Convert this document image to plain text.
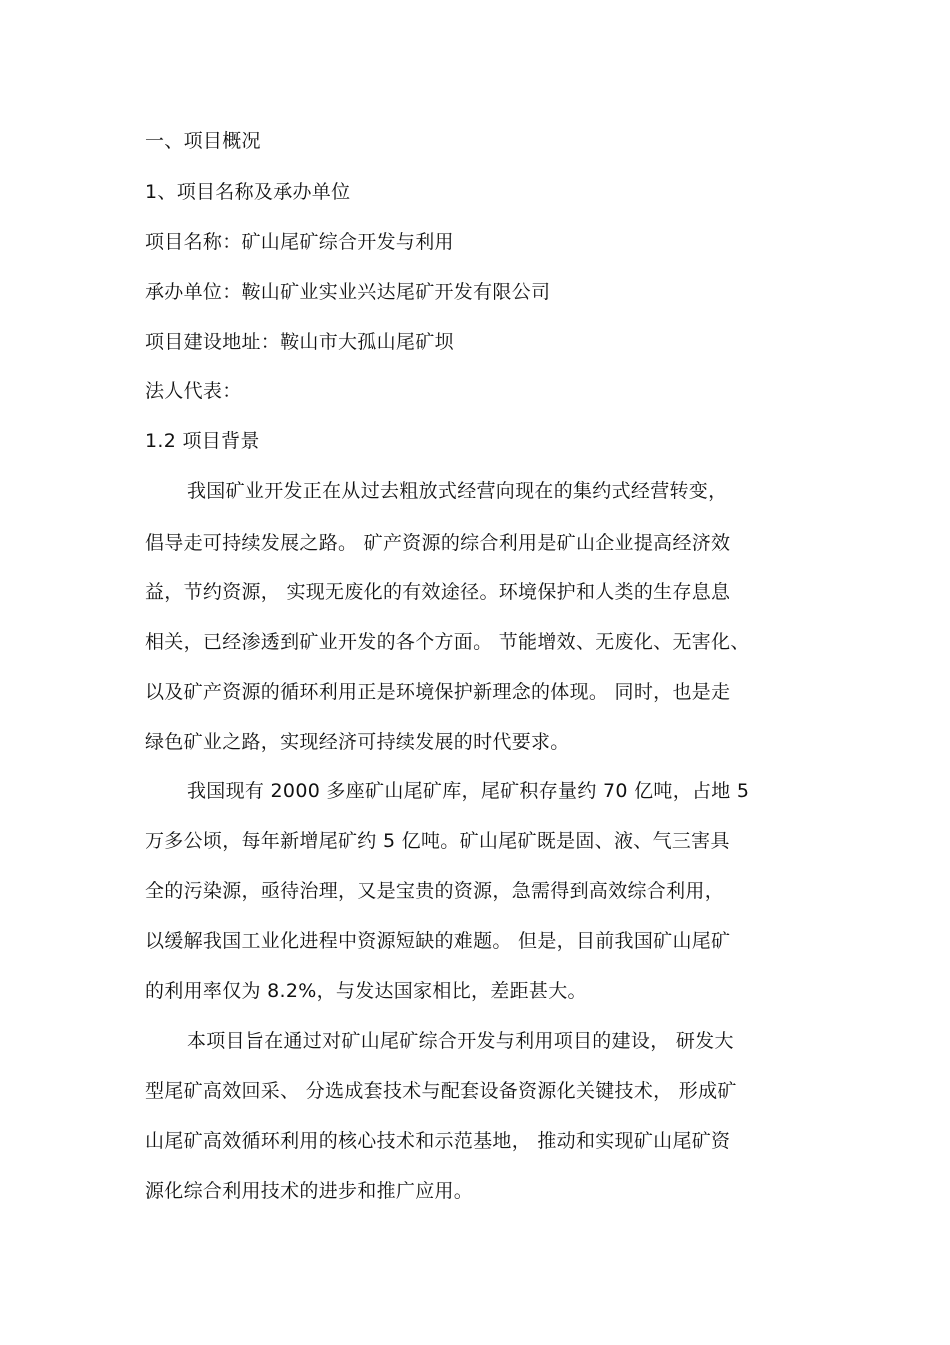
一、项目概况
1、项目名称及承办单位
项目名称：矿山尾矿综合开发与利用
承办单位：鞍山矿业实业兴达尾矿开发有限公司
项目建设地址：鞍山市大孤山尾矿坝
法人代表：
1.2 项目背景
我国矿业开发正在从过去粗放式经营向现在的集约式经营转变，
倡导走可持续发展之路。 矿产资源的综合利用是矿山企业提高经济效
益，节约资源， 实现无废化的有效途径。环境保护和人类的生存息息
相关，已经渗透到矿业开发的各个方面。 节能增效、无废化、无害化、
以及矿产资源的循环利用正是环境保护新理念的体现。 同时，也是走
绿色矿业之路，实现经济可持续发展的时代要求。
我国现有 2000 多座矿山尾矿库，尾矿积存量约 70 亿吨，占地 5
万多公顷，每年新增尾矿约 5 亿吨。矿山尾矿既是固、液、气三害具
全的污染源，亟待治理，又是宝贵的资源，急需得到高效综合利用，
以缓解我国工业化进程中资源短缺的难题。 但是，目前我国矿山尾矿
的利用率仅为 8.2%，与发达国家相比，差距甚大。
本项目旨在通过对矿山尾矿综合开发与利用项目的建设， 研发大
型尾矿高效回采、 分选成套技术与配套设备资源化关键技术， 形成矿
山尾矿高效循环利用的核心技术和示范基地， 推动和实现矿山尾矿资
源化综合利用技术的进步和推广应用。
